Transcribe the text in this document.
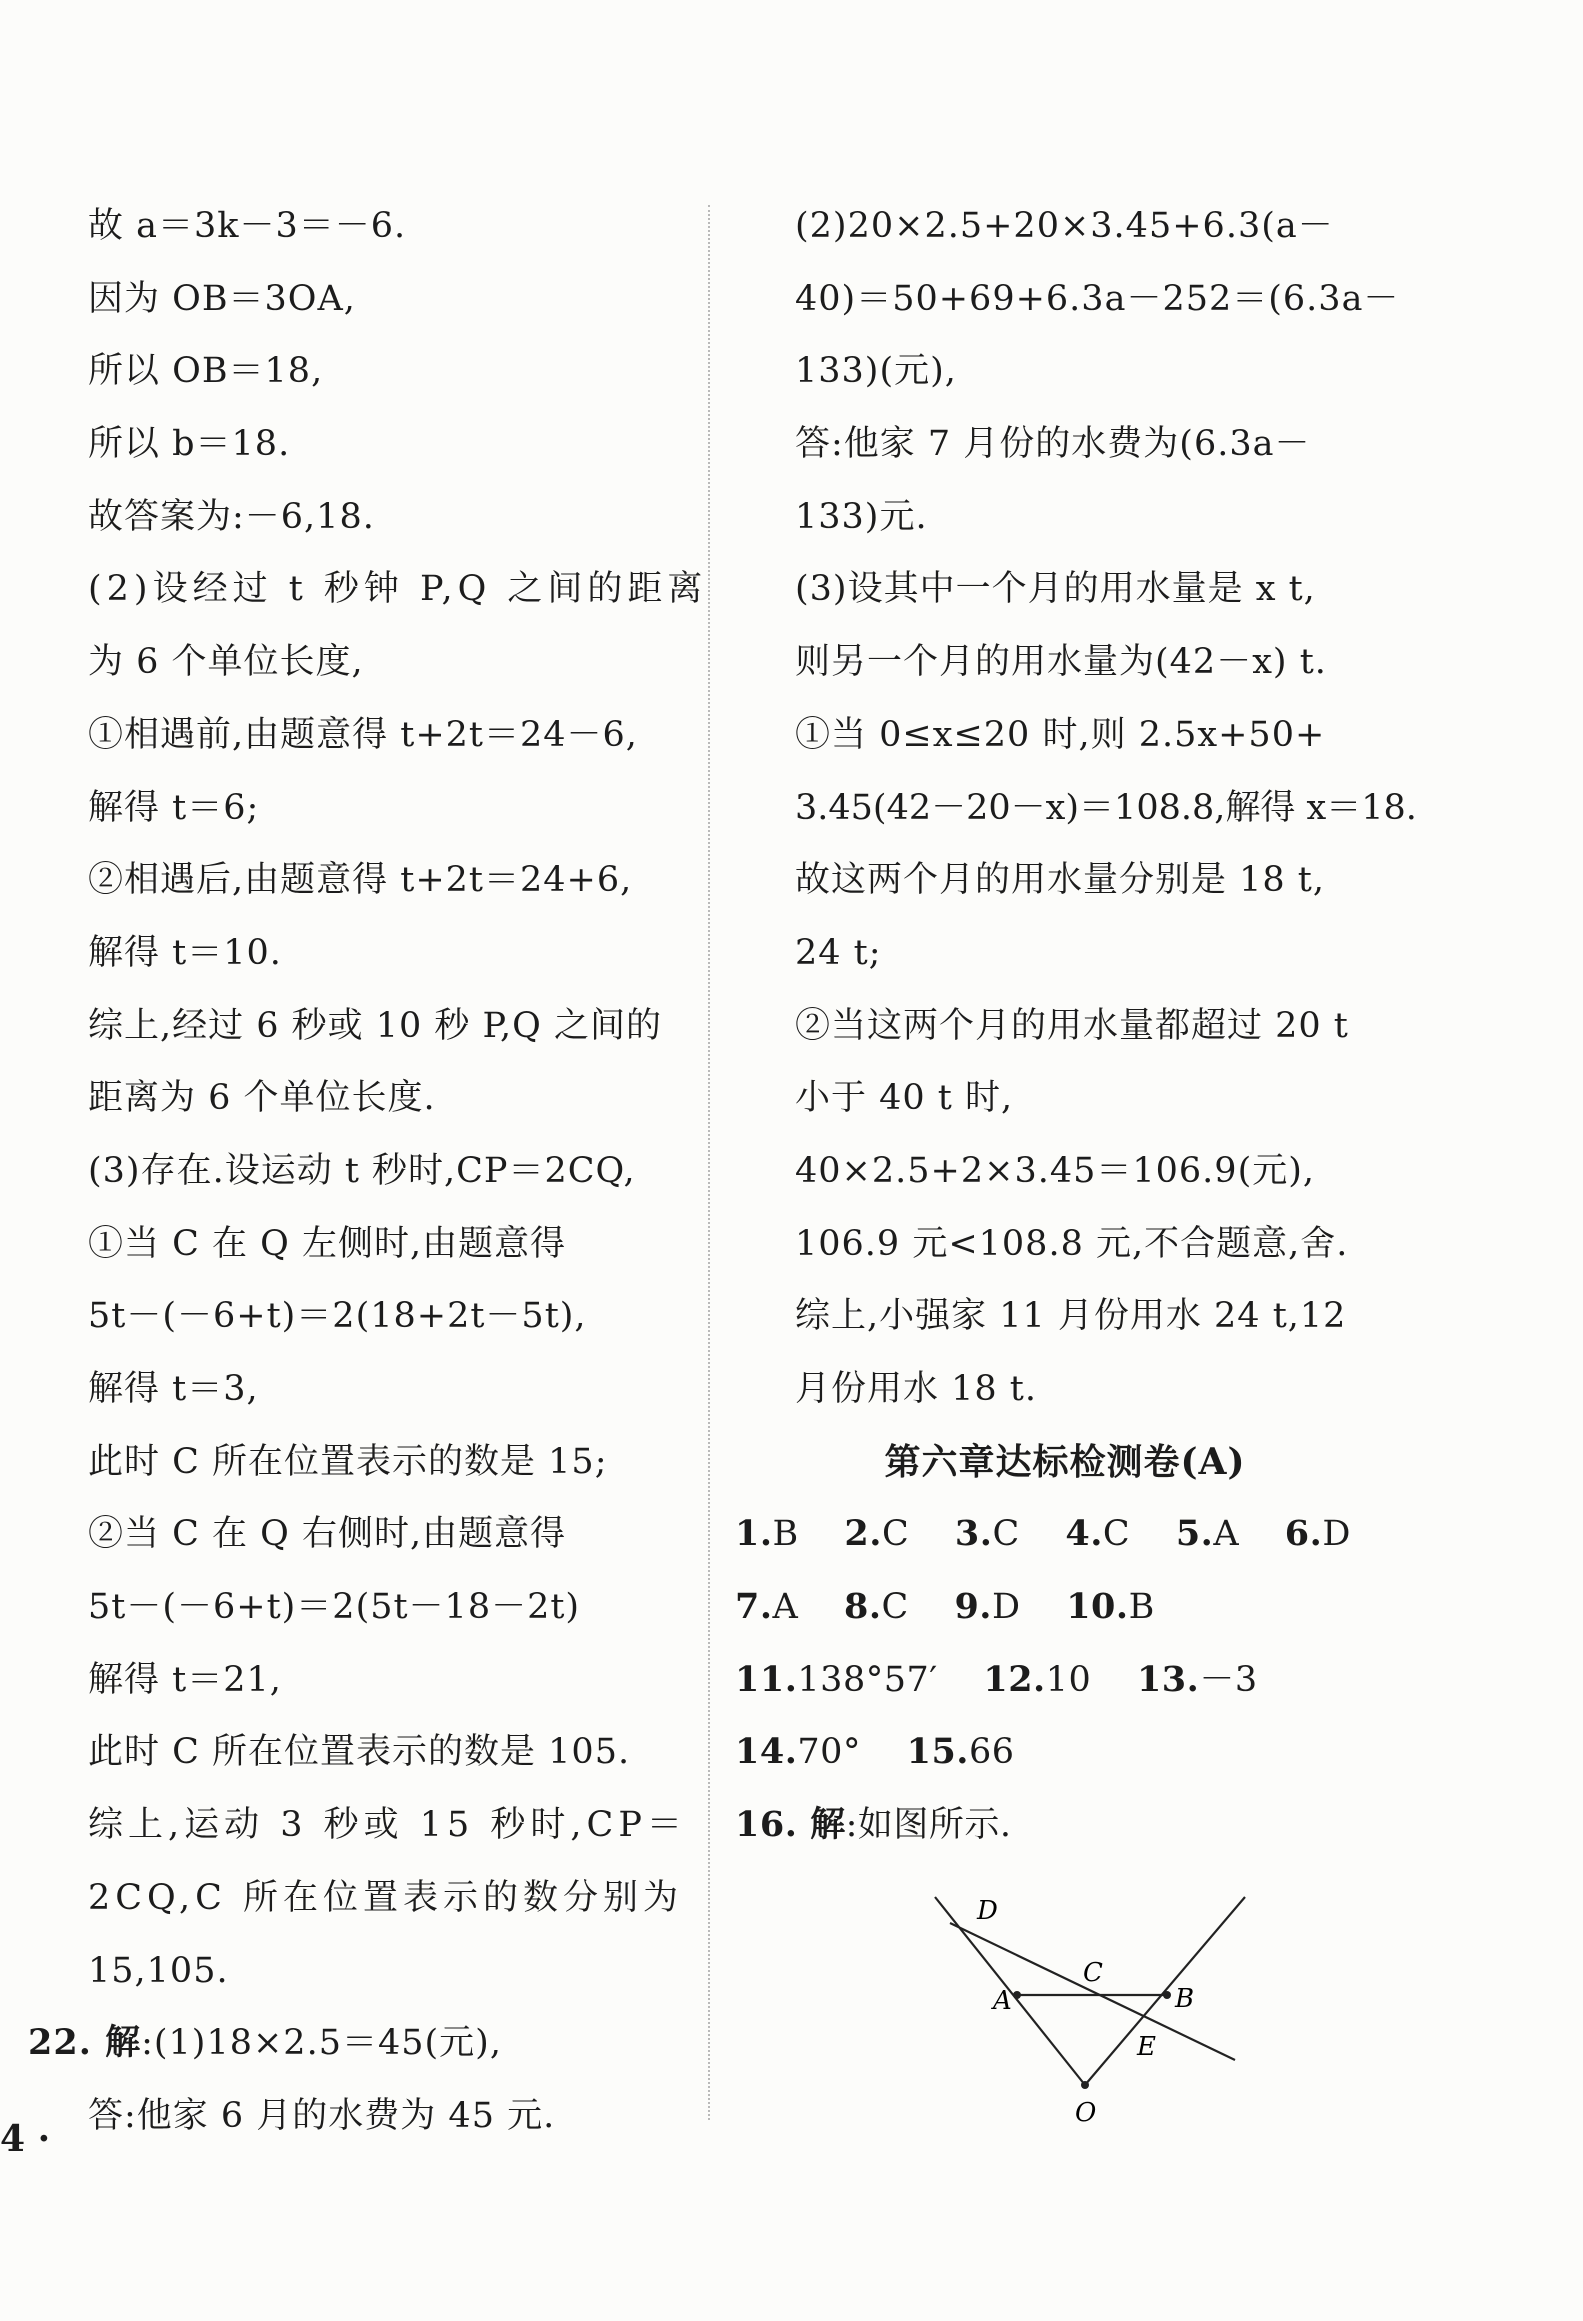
故 a＝3k－3＝－6.
因为 OB＝3OA,
所以 OB＝18,
所以 b＝18.
故答案为:－6,18.
(2)设经过 t 秒钟 P,Q 之间的距离
为 6 个单位长度,
①相遇前,由题意得 t+2t＝24－6,
解得 t＝6;
②相遇后,由题意得 t+2t＝24+6,
解得 t＝10.
综上,经过 6 秒或 10 秒 P,Q 之间的
距离为 6 个单位长度.
(3)存在.设运动 t 秒时,CP＝2CQ,
①当 C 在 Q 左侧时,由题意得
5t－(－6+t)＝2(18+2t－5t),
解得 t＝3,
此时 C 所在位置表示的数是 15;
②当 C 在 Q 右侧时,由题意得
5t－(－6+t)＝2(5t－18－2t)
解得 t＝21,
此时 C 所在位置表示的数是 105.
综上,运动 3 秒或 15 秒时,CP＝
2CQ,C 所在位置表示的数分别为
15,105.
22. 解:(1)18×2.5＝45(元),
答:他家 6 月的水费为 45 元.
(2)20×2.5+20×3.45+6.3(a－
40)＝50+69+6.3a－252＝(6.3a－
133)(元),
答:他家 7 月份的水费为(6.3a－
133)元.
(3)设其中一个月的用水量是 x t,
则另一个月的用水量为(42－x) t.
①当 0≤x≤20 时,则 2.5x+50+
3.45(42－20－x)＝108.8,解得 x＝18.
故这两个月的用水量分别是 18 t,
24 t;
②当这两个月的用水量都超过 20 t
小于 40 t 时,
40×2.5+2×3.45＝106.9(元),
106.9 元<108.8 元,不合题意,舍.
综上,小强家 11 月份用水 24 t,12
月份用水 18 t.
第六章达标检测卷(A)
1.B 2.C 3.C 4.C 5.A 6.D
7.A 8.C 9.D 10.B
11.138°57′ 12.10 13.－3
14.70° 15.66
16. 解:如图所示.
D
C
A	B
E
O
4 ·
